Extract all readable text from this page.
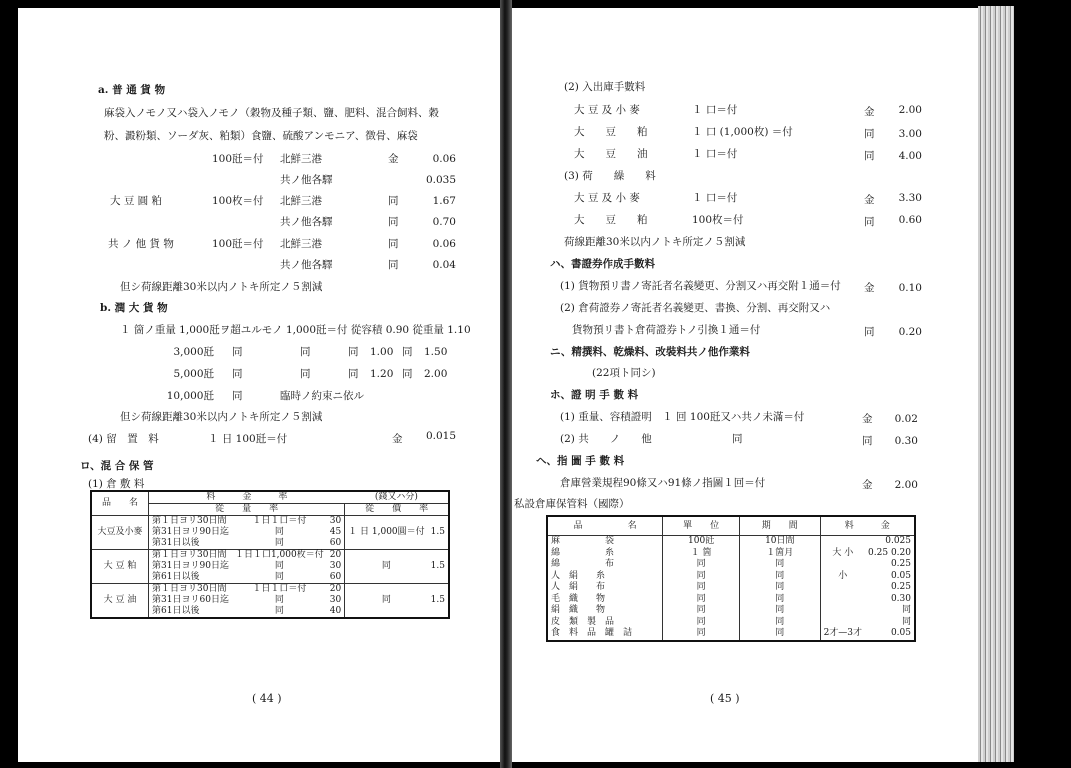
a. 普 通 貨 物
麻袋入ノモノ又ハ袋入ノモノ（穀物及種子類、鹽、肥料、混合飼料、穀
粉、澱粉類、ソーダ灰、粕類）食鹽、硫酸アンモニア、徴骨、麻袋
100瓩＝付 北鮮三港	金	0.06
共ノ他各驛	0.035
大 豆 圓 粕	100枚＝付 北鮮三港	同	1.67
共ノ他各驛	同	0.70
共 ノ 他 貨 物	100瓩＝付 北鮮三港	同	0.06
共ノ他各驛	同	0.04
但シ荷線距離30米以内ノトキ所定ノ５割減
b. 潤 大 貨 物
１ 箇ノ重量 1,000瓩ヲ超ユルモノ 1,000瓩＝付 從容積 0.90 從重量 1.10
3,000瓩 同	同	同 1.00 同 1.50
5,000瓩 同	同	同 1.20 同 2.00
10,000瓩 同	臨時ノ約束ニ依ル
但シ荷線距離30米以内ノトキ所定ノ５割減
(4) 留　置　料	１ 日 100瓩＝付	金	0.015
ロ、混 合 保 管
(1) 倉 敷 料
品　　名	料　　　金　　　率			(錢又ハ分)	
	從　　量　　率			從　　價　　率	
大豆及小麥	第１日ヨリ30日間	１日１口＝付	30	１ 日 1,000圓＝付	1.5
	第31日ヨリ90日迄	同	45		
	第31日以後	同	60		
大 豆 粕	第１日ヨリ30日間	１日１口1,000枚＝付	20	同	1.5
	第31日ヨリ90日迄	同	30		
	第61日以後	同	60		
大 豆 油	第１日ヨリ30日間	１日１口＝付	20	同	1.5
	第31日ヨリ60日迄	同	30		
	第61日以後	同	40		
( 44 )
(2) 入出庫手數料
大 豆 及 小 麥	１ 口＝付	金	2.00
大　　豆　　粕	１ 口 (1,000枚) ＝付	同	3.00
大　　豆　　油	１ 口＝付	同	4.00
(3) 荷　　繰　　料
大 豆 及 小 麥	１ 口＝付	金	3.30
大　　豆　　粕	100枚＝付	同	0.60
荷線距離30米以内ノトキ所定ノ５割減
ハ、書證券作成手數料
(1) 貨物預リ書ノ寄託者名義變更、分割又ハ再交附１通＝付 金	0.10
(2) 倉荷證券ノ寄託者名義變更、書換、分割、再交附又ハ
貨物預リ書ト倉荷證券トノ引換１通＝付	同	0.20
ニ、精撰料、乾燥料、改裝料共ノ他作業料
(22項ト同シ)
ホ、證 明 手 數 料
(1) 重量、容積證明　１ 回 100瓩又ハ共ノ未滿＝付	金	0.02
(2) 共　　ノ　　他	同	同	0.30
ヘ、指 圖 手 數 料
倉庫營業規程90條又ハ91條ノ指圖１回＝付	金	2.00
私設倉庫保管料（國際）
品　　　　　名	單　　位	期　　間	料　　　金	
麻　　　　　袋	100瓩	10日間		0.025
綿　　　　　糸	１ 箇	１箇月	大 小	0.25 0.20
綿　　　　　布	同	同		0.25
人　絹　　糸	同	同	小	0.05
人　絹　　布	同	同		0.25
毛　織　　物	同	同		0.30
絹　織　　物	同	同		同
皮　類　製　品	同	同		同
食　料　品　罐　詰	同	同	2才—3才	0.05
( 45 )
